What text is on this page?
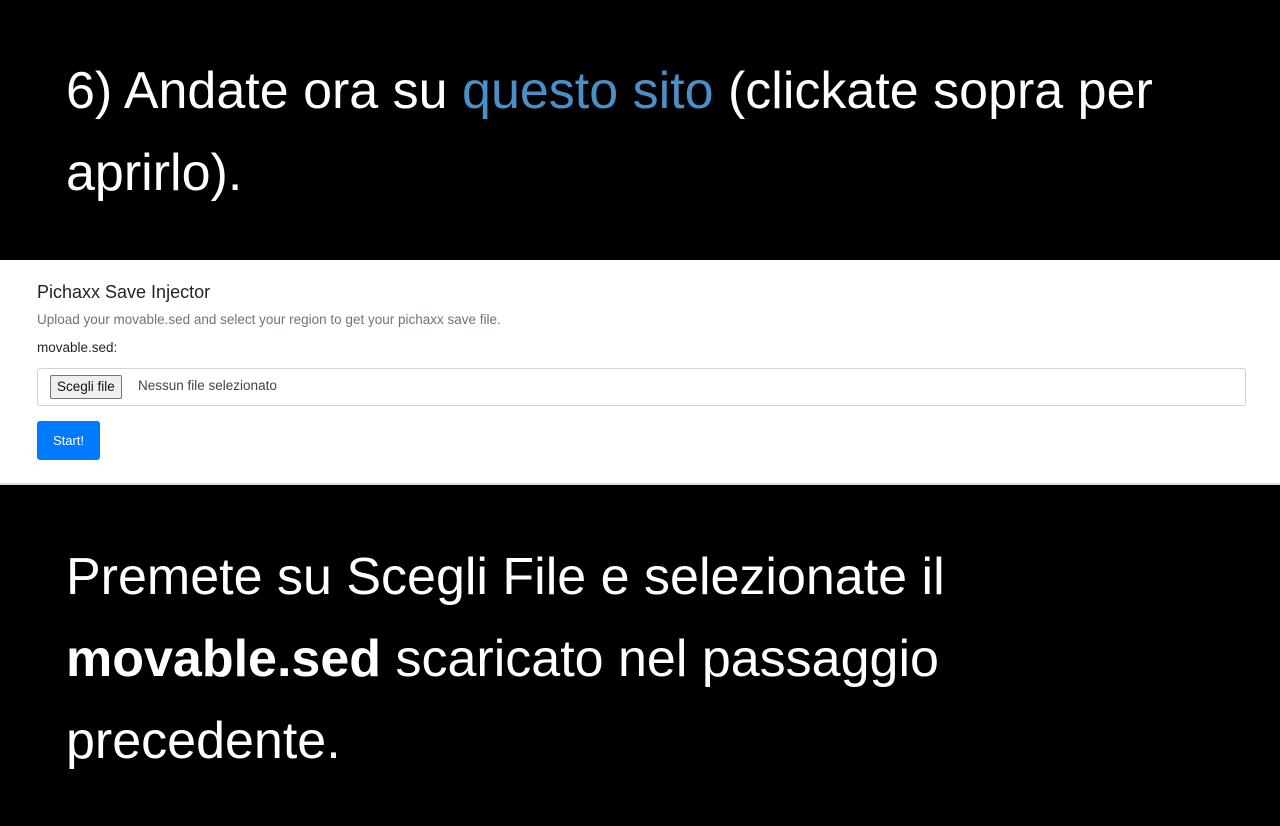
6) Andate ora su questo sito (clickate sopra per aprirlo).
Pichaxx Save Injector
Upload your movable.sed and select your region to get your pichaxx save file.
movable.sed:
Scegli file	Nessun file selezionato
Start!
Premete su Scegli File e selezionate il movable.sed scaricato nel passaggio precedente.
